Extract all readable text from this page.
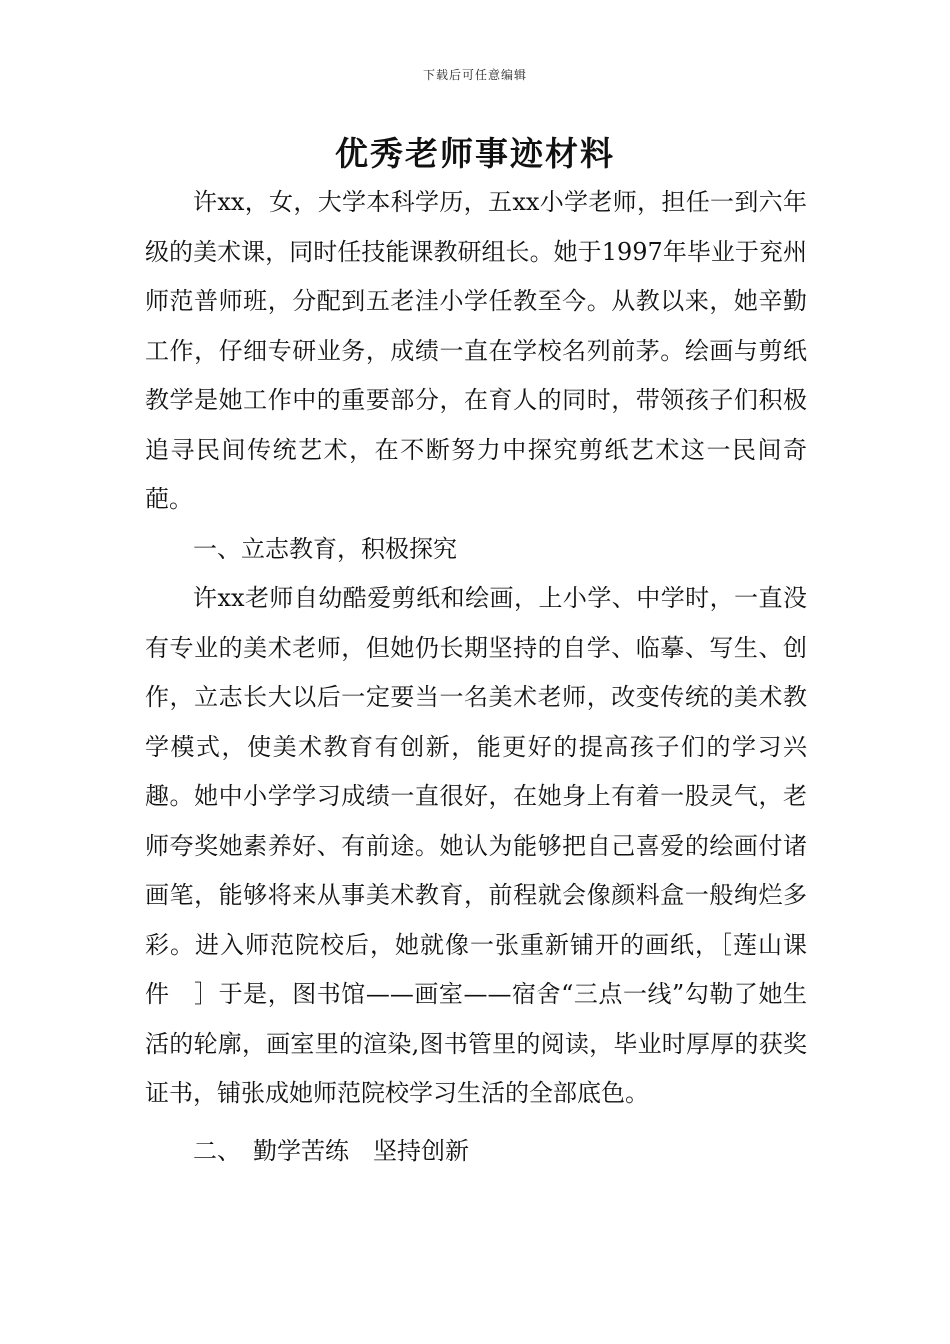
下载后可任意编辑
优秀老师事迹材料

许xx，女，大学本科学历，五xx小学老师，担任一到六年级的美术课，同时任技能课教研组长。她于1997年毕业于兖州师范普师班，分配到五老洼小学任教至今。从教以来，她辛勤工作，仔细专研业务，成绩一直在学校名列前茅。绘画与剪纸教学是她工作中的重要部分，在育人的同时，带领孩子们积极追寻民间传统艺术，在不断努力中探究剪纸艺术这一民间奇葩。

一、立志教育，积极探究

许xx老师自幼酷爱剪纸和绘画，上小学、中学时，一直没有专业的美术老师，但她仍长期坚持的自学、临摹、写生、创作，立志长大以后一定要当一名美术老师，改变传统的美术教学模式，使美术教育有创新，能更好的提高孩子们的学习兴趣。她中小学学习成绩一直很好，在她身上有着一股灵气，老师夸奖她素养好、有前途。她认为能够把自己喜爱的绘画付诸画笔，能够将来从事美术教育，前程就会像颜料盒一般绚烂多彩。进入师范院校后，她就像一张重新铺开的画纸，［莲山课　件　］于是，图书馆——画室——宿舍“三点一线”勾勒了她生活的轮廓，画室里的渲染,图书管里的阅读，毕业时厚厚的获奖证书，铺张成她师范院校学习生活的全部底色。

二、　勤学苦练　坚持创新
